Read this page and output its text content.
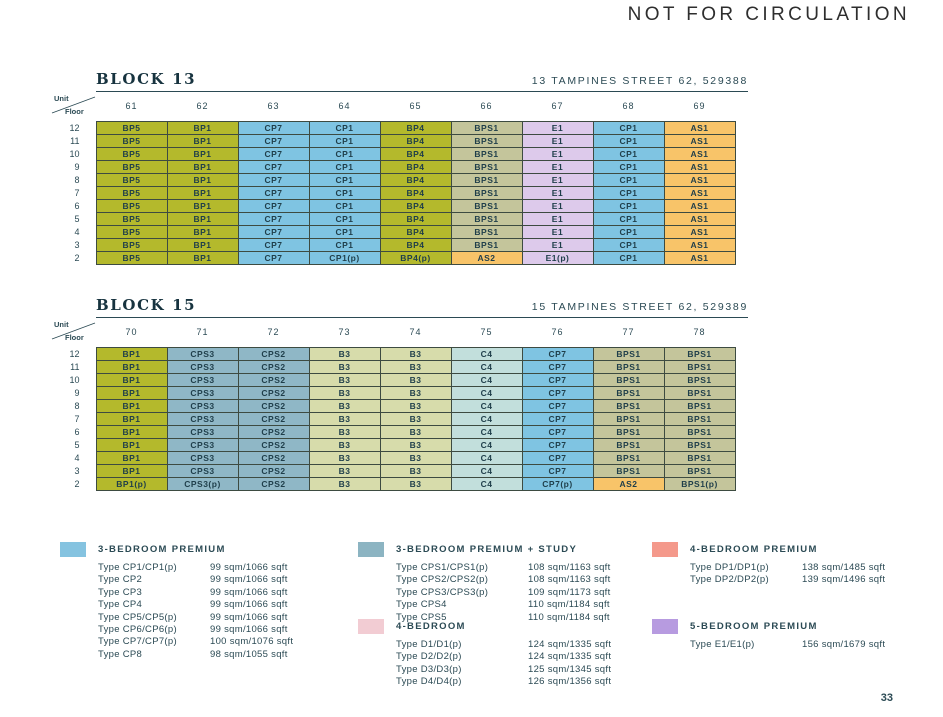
NOT FOR CIRCULATION
BLOCK 13	13 TAMPINES STREET 62, 529388
Unit
Floor	61	62	63	64	65	66	67	68	69
12	BP5	BP1	CP7	CP1	BP4	BPS1	E1	CP1	AS1
11	BP5	BP1	CP7	CP1	BP4	BPS1	E1	CP1	AS1
10	BP5	BP1	CP7	CP1	BP4	BPS1	E1	CP1	AS1
9	BP5	BP1	CP7	CP1	BP4	BPS1	E1	CP1	AS1
8	BP5	BP1	CP7	CP1	BP4	BPS1	E1	CP1	AS1
7	BP5	BP1	CP7	CP1	BP4	BPS1	E1	CP1	AS1
6	BP5	BP1	CP7	CP1	BP4	BPS1	E1	CP1	AS1
5	BP5	BP1	CP7	CP1	BP4	BPS1	E1	CP1	AS1
4	BP5	BP1	CP7	CP1	BP4	BPS1	E1	CP1	AS1
3	BP5	BP1	CP7	CP1	BP4	BPS1	E1	CP1	AS1
2	BP5	BP1	CP7	CP1(p)	BP4(p)	AS2	E1(p)	CP1	AS1
BLOCK 15	15 TAMPINES STREET 62, 529389
Unit
Floor	70	71	72	73	74	75	76	77	78
12	BP1	CPS3	CPS2	B3	B3	C4	CP7	BPS1	BPS1
11	BP1	CPS3	CPS2	B3	B3	C4	CP7	BPS1	BPS1
10	BP1	CPS3	CPS2	B3	B3	C4	CP7	BPS1	BPS1
9	BP1	CPS3	CPS2	B3	B3	C4	CP7	BPS1	BPS1
8	BP1	CPS3	CPS2	B3	B3	C4	CP7	BPS1	BPS1
7	BP1	CPS3	CPS2	B3	B3	C4	CP7	BPS1	BPS1
6	BP1	CPS3	CPS2	B3	B3	C4	CP7	BPS1	BPS1
5	BP1	CPS3	CPS2	B3	B3	C4	CP7	BPS1	BPS1
4	BP1	CPS3	CPS2	B3	B3	C4	CP7	BPS1	BPS1
3	BP1	CPS3	CPS2	B3	B3	C4	CP7	BPS1	BPS1
2	BP1(p)	CPS3(p)	CPS2	B3	B3	C4	CP7(p)	AS2	BPS1(p)
3-BEDROOM PREMIUM
Type CP1/CP1(p)	99 sqm/1066 sqft
Type CP2	99 sqm/1066 sqft
Type CP3	99 sqm/1066 sqft
Type CP4	99 sqm/1066 sqft
Type CP5/CP5(p)	99 sqm/1066 sqft
Type CP6/CP6(p)	99 sqm/1066 sqft
Type CP7/CP7(p)	100 sqm/1076 sqft
Type CP8	98 sqm/1055 sqft
3-BEDROOM PREMIUM + STUDY
Type CPS1/CPS1(p)	108 sqm/1163 sqft
Type CPS2/CPS2(p)	108 sqm/1163 sqft
Type CPS3/CPS3(p)	109 sqm/1173 sqft
Type CPS4	110 sqm/1184 sqft
Type CPS5	110 sqm/1184 sqft
4-BEDROOM
Type D1/D1(p)	124 sqm/1335 sqft
Type D2/D2(p)	124 sqm/1335 sqft
Type D3/D3(p)	125 sqm/1345 sqft
Type D4/D4(p)	126 sqm/1356 sqft
4-BEDROOM PREMIUM
Type DP1/DP1(p)	138 sqm/1485 sqft
Type DP2/DP2(p)	139 sqm/1496 sqft
5-BEDROOM PREMIUM
Type E1/E1(p)	156 sqm/1679 sqft
33
